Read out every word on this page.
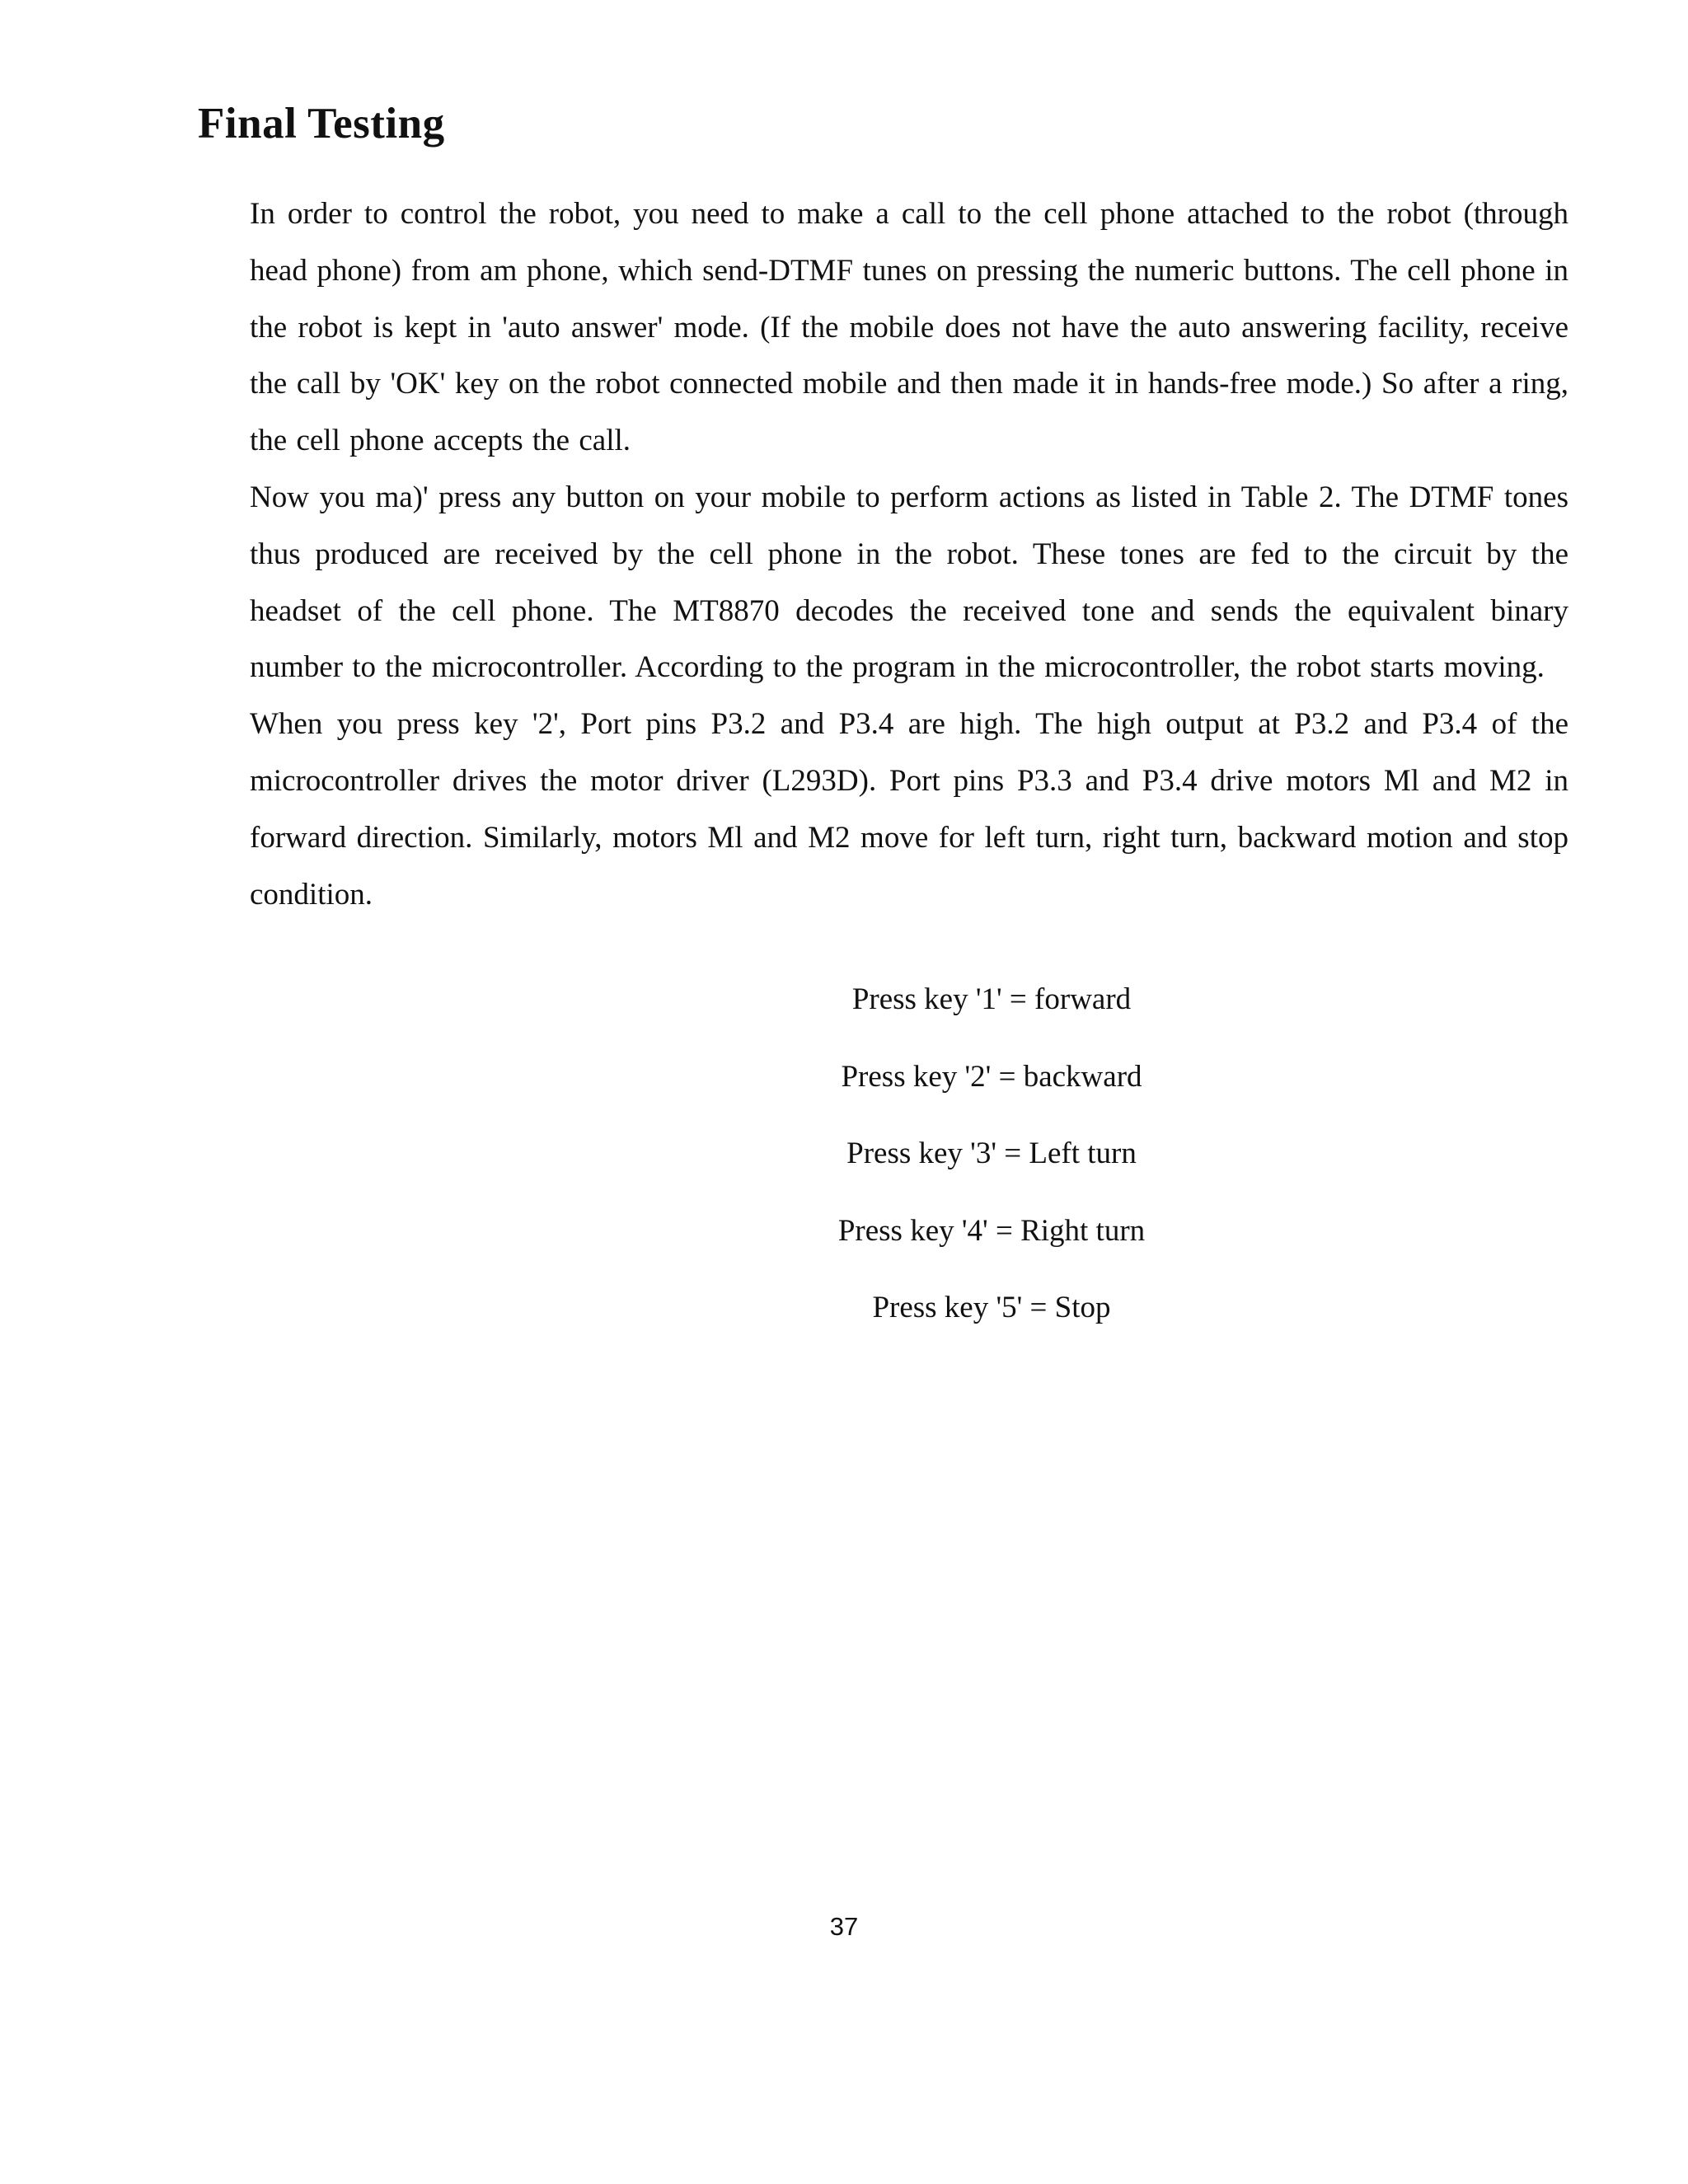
Final Testing

In order to control the robot, you need to make a call to the cell phone attached to the robot (through head phone) from am phone, which send-DTMF tunes on pressing the numeric buttons. The cell phone in the robot is kept in 'auto answer' mode. (If the mobile does not have the auto answering facility, receive the call by 'OK' key on the robot connected mobile and then made it in hands-free mode.) So after a ring, the cell phone accepts the call.

Now you ma)' press any button on your mobile to perform actions as listed in Table 2. The DTMF tones thus produced are received by the cell phone in the robot. These tones are fed to the circuit by the headset of the cell phone. The MT8870 decodes the received tone and sends the equivalent binary number to the microcontroller. According to the program in the microcontroller, the robot starts moving.

When you press key '2', Port pins P3.2 and P3.4 are high. The high output at P3.2 and P3.4 of the microcontroller drives the motor driver (L293D). Port pins P3.3 and P3.4 drive motors Ml and M2 in forward direction. Similarly, motors Ml and M2 move for left turn, right turn, backward motion and stop condition.

Press key '1' = forward
Press key '2' = backward
Press key '3' = Left turn
Press key '4' = Right turn
Press key '5' = Stop
37
